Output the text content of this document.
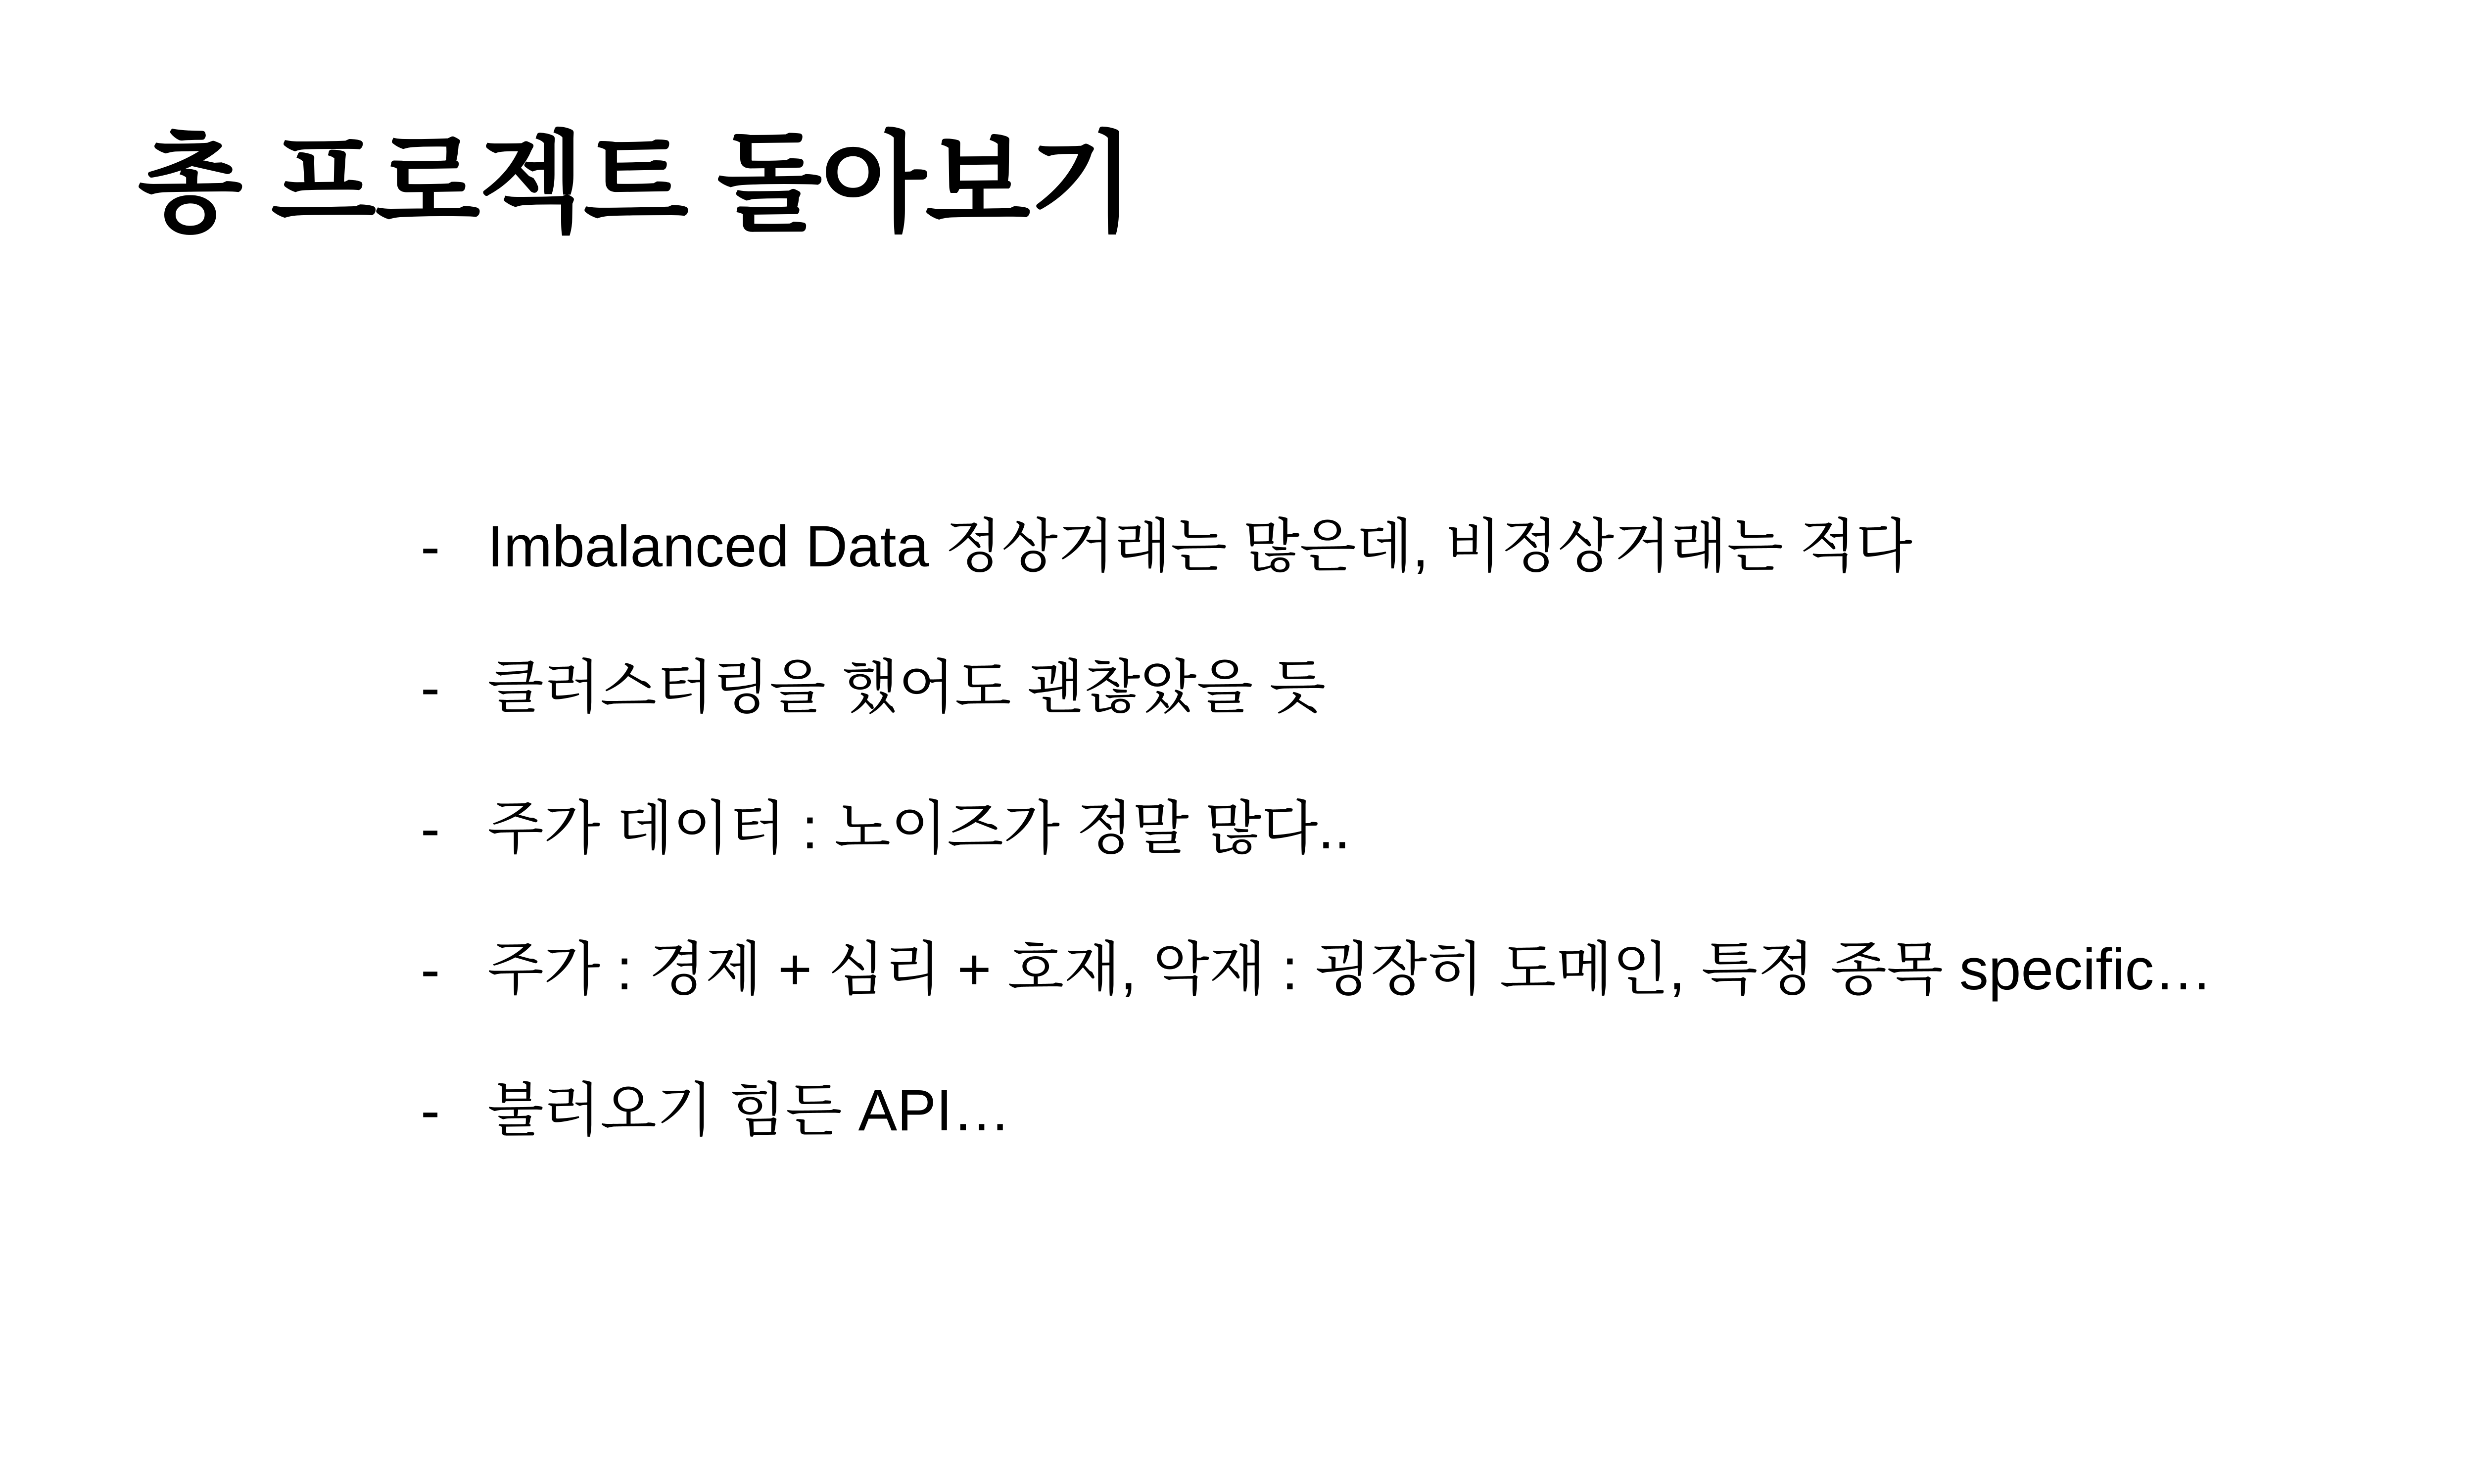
총 프로젝트 돌아보기
- Imbalanced Data 정상거래는 많은데, 비정상거래는 적다
- 클러스터링을 했어도 괜찮았을 듯
- 주가 데이터 : 노이즈가 정말 많다..
- 주가 : 경제 + 심리 + 호재, 악재 : 굉장히 도메인, 특정 종목 specific…
- 불러오기 힘든 API…
